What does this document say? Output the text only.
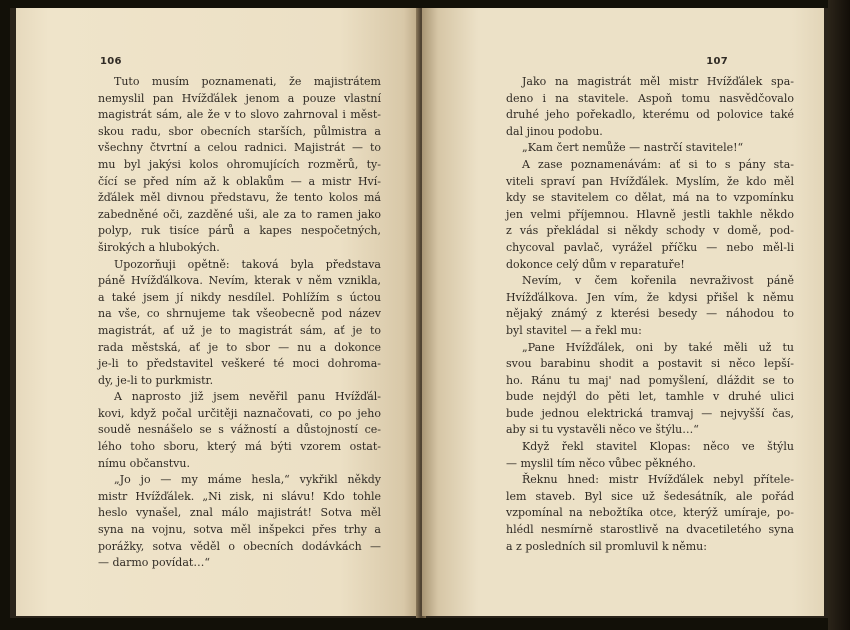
106
Tuto musím poznamenati, že majistrátem
nemyslil pan Hvížďálek jenom a pouze vlastní
magistrát sám, ale že v to slovo zahrnoval i měst-
skou radu, sbor obecních starších, půlmistra a
všechny čtvrtní a celou radnici. Majistrát — to
mu byl jakýsi kolos ohromujících rozměrů, ty-
čící se před ním až k oblakům — a mistr Hví-
žďálek měl divnou představu, že tento kolos má
zabedněné oči, zazděné uši, ale za to ramen jako
polyp, ruk tisíce párů a kapes nespočetných,
širokých a hlubokých.
Upozorňuji opětně: taková byla představa
páně Hvížďálkova. Nevím, kterak v něm vznikla,
a také jsem jí nikdy nesdílel. Pohlížím s úctou
na vše, co shrnujeme tak všeobecně pod název
magistrát, ať už je to magistrát sám, ať je to
rada městská, ať je to sbor — nu a dokonce
je-li to představitel veškeré té moci dohroma-
dy, je-li to purkmistr.
A naprosto již jsem nevěřil panu Hvížďál-
kovi, když počal určitěji naznačovati, co po jeho
soudě nesnášelo se s vážností a důstojností ce-
lého toho sboru, který má býti vzorem ostat-
nímu občanstvu.
„Jo jo — my máme hesla,“ vykřikl někdy
mistr Hvížďálek. „Ni zisk, ni slávu! Kdo tohle
heslo vynašel, znal málo majistrát! Sotva měl
syna na vojnu, sotva měl inšpekci přes trhy a
porážky, sotva věděl o obecních dodávkách —
— darmo povídat…“
107
Jako na magistrát měl mistr Hvížďálek spa-
deno i na stavitele. Aspoň tomu nasvědčovalo
druhé jeho pořekadlo, kterému od polovice také
dal jinou podobu.
„Kam čert nemůže — nastrčí stavitele!“
A zase poznamenávám: ať si to s pány sta-
viteli spraví pan Hvížďálek. Myslím, že kdo měl
kdy se stavitelem co dělat, má na to vzpomínku
jen velmi příjemnou. Hlavně jestli takhle někdo
z vás překládal si někdy schody v domě, pod-
chycoval pavlač, vyrážel příčku — nebo měl-li
dokonce celý dům v reparatuře!
Nevím, v čem kořenila nevraživost páně
Hvížďálkova. Jen vím, že kdysi přišel k němu
nějaký známý z kterési besedy — náhodou to
byl stavitel — a řekl mu:
„Pane Hvížďálek, oni by také měli už tu
svou barabinu shodit a postavit si něco lepší-
ho. Ránu tu maj' nad pomyšlení, dláždit se to
bude nejdýl do pěti let, tamhle v druhé ulici
bude jednou elektrická tramvaj — nejvyšší čas,
aby si tu vystavěli něco ve štýlu…“
Když řekl stavitel Klopas: něco ve štýlu
— myslil tím něco vůbec pěkného.
Řeknu hned: mistr Hvížďálek nebyl přítele-
lem staveb. Byl sice už šedesátník, ale pořád
vzpomínal na nebožtíka otce, kterýž umíraje, po-
hlédl nesmírně starostlivě na dvacetiletého syna
a z posledních sil promluvil k němu:
